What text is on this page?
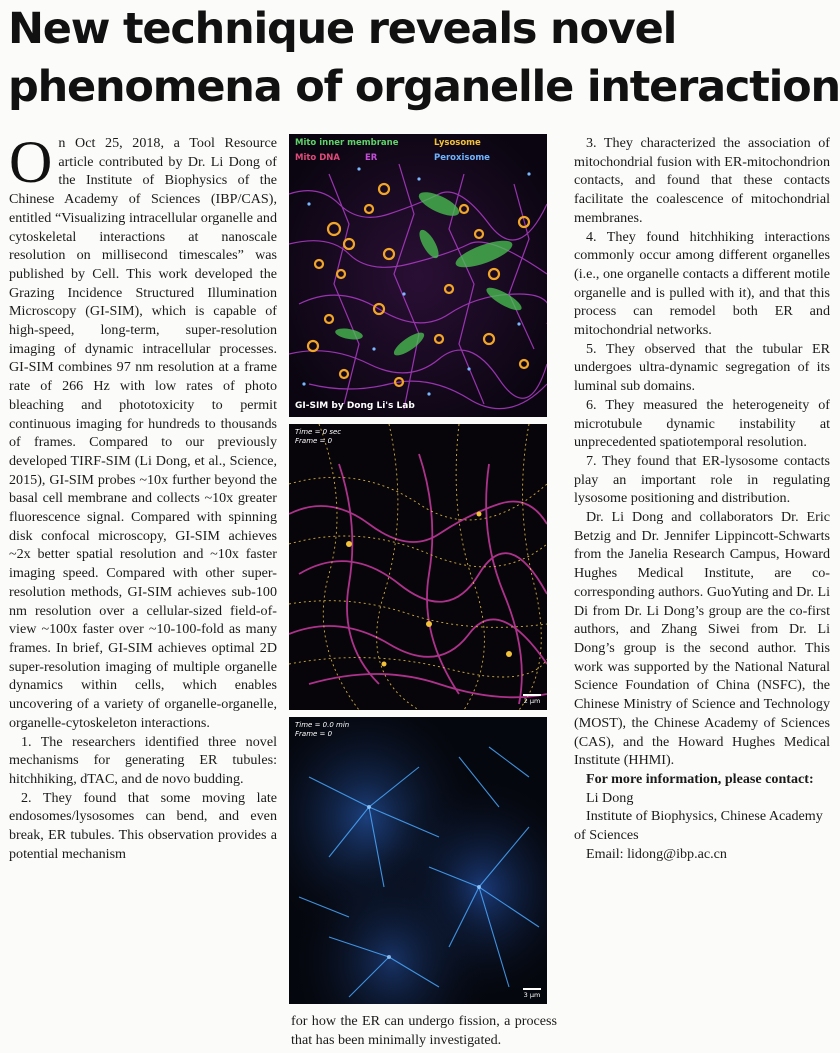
New technique reveals novel
phenomena of organelle interaction

On Oct 25, 2018, a Tool Resource article contributed by Dr. Li Dong of the Institute of Biophysics of the Chinese Academy of Sciences (IBP/CAS), entitled “Visualizing intracellular organelle and cytoskeletal interactions at nanoscale resolution on millisecond timescales” was published by Cell. This work developed the Grazing Incidence Structured Illumination Microscopy (GI-SIM), which is capable of high-speed, long-term, super-resolution imaging of dynamic intracellular processes. GI-SIM combines 97 nm resolution at a frame rate of 266 Hz with low rates of photo bleaching and phototoxicity to permit continuous imaging for hundreds to thousands of frames. Compared to our previously developed TIRF-SIM (Li Dong, et al., Science, 2015), GI-SIM probes ~10x further beyond the basal cell membrane and collects ~10x greater fluorescence signal. Compared with spinning disk confocal microscopy, GI-SIM achieves ~2x better spatial resolution and ~10x faster imaging speed. Compared with other super-resolution methods, GI-SIM achieves sub-100 nm resolution over a cellular-sized field-of-view ~100x faster over ~10-100-fold as many frames. In brief, GI-SIM achieves optimal 2D super-resolution imaging of multiple organelle dynamics within cells, which enables uncovering of a variety of organelle-organelle, organelle-cytoskeleton interactions.

1. The researchers identified three novel mechanisms for generating ER tubules: hitchhiking, dTAC, and de novo budding.

2. They found that some moving late endosomes/lysosomes can bend, and even break, ER tubules. This observation provides a potential mechanism

Mito inner membrane	Lysosome
Mito DNA	ER	Peroxisome
GI-SIM by Dong Li's Lab
Time = 0 sec
Frame = 0
2 μm
Time = 0.0 min
Frame = 0
3 μm

for how the ER can undergo fission, a process that has been minimally investigated.

3. They characterized the association of mitochondrial fusion with ER-mitochondrion contacts, and found that these contacts facilitate the coalescence of mitochondrial membranes.

4. They found hitchhiking interactions commonly occur among different organelles (i.e., one organelle contacts a different motile organelle and is pulled with it), and that this process can remodel both ER and mitochondrial networks.

5. They observed that the tubular ER undergoes ultra-dynamic segregation of its luminal sub domains.

6. They measured the heterogeneity of microtubule dynamic instability at unprecedented spatiotemporal resolution.

7. They found that ER-lysosome contacts play an important role in regulating lysosome positioning and distribution.

Dr. Li Dong and collaborators Dr. Eric Betzig and Dr. Jennifer Lippincott-Schwarts from the Janelia Research Campus, Howard Hughes Medical Institute, are co-corresponding authors. GuoYuting and Dr. Li Di from Dr. Li Dong’s group are the co-first authors, and Zhang Siwei from Dr. Li Dong’s group is the second author. This work was supported by the National Natural Science Foundation of China (NSFC), the Chinese Ministry of Science and Technology (MOST), the Chinese Academy of Sciences (CAS), and the Howard Hughes Medical Institute (HHMI).

For more information, please contact:
Li Dong
Institute of Biophysics, Chinese Academy of Sciences
Email: lidong@ibp.ac.cn
